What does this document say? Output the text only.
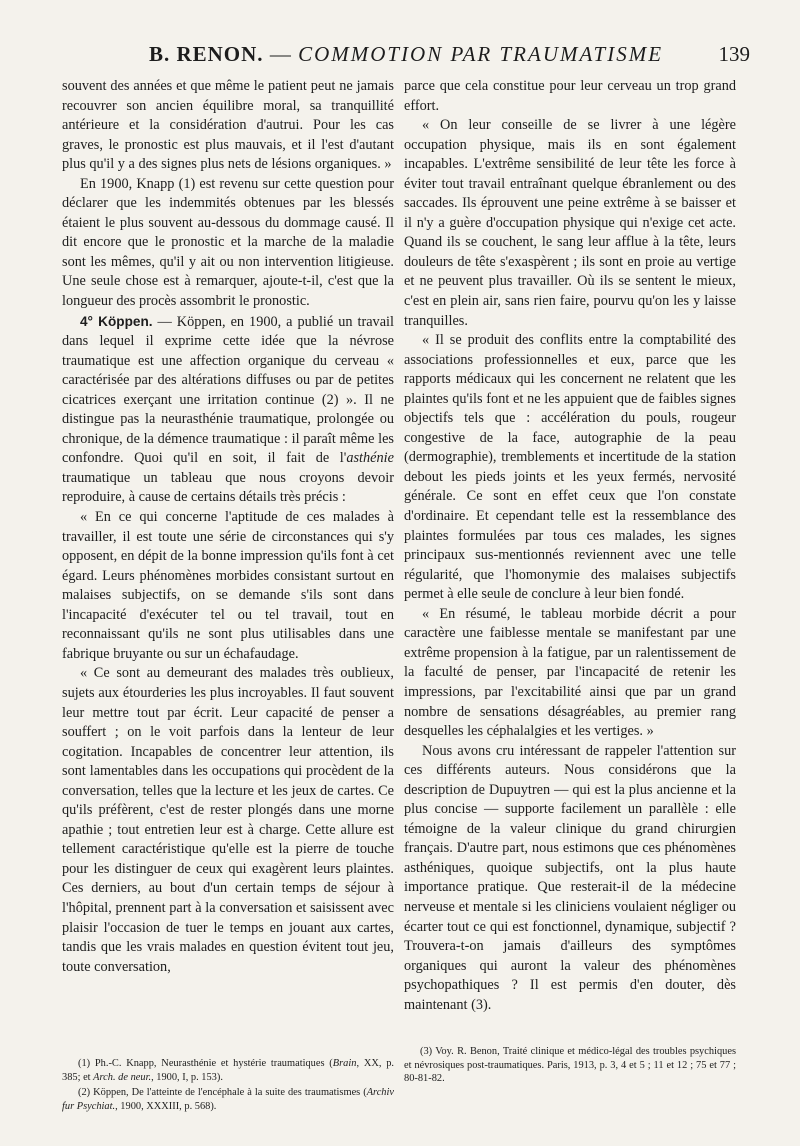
B. RENON. — COMMOTION PAR TRAUMATISME	139

souvent des années et que même le patient peut ne jamais recouvrer son ancien équilibre moral, sa tranquillité antérieure et la considération d'autrui. Pour les cas graves, le pronostic est plus mauvais, et il l'est d'autant plus qu'il y a des signes plus nets de lésions organiques. »

En 1900, Knapp (1) est revenu sur cette question pour déclarer que les indemmités obtenues par les blessés étaient le plus souvent au-dessous du dommage causé. Il dit encore que le pronostic et la marche de la maladie sont les mêmes, qu'il y ait ou non intervention litigieuse. Une seule chose est à remarquer, ajoute-t-il, c'est que la longueur des procès assombrit le pronostic.

4° Köppen. — Köppen, en 1900, a publié un travail dans lequel il exprime cette idée que la névrose traumatique est une affection organique du cerveau « caractérisée par des altérations diffuses ou par de petites cicatrices exerçant une irritation continue (2) ». Il ne distingue pas la neurasthénie traumatique, prolongée ou chronique, de la démence traumatique : il paraît même les confondre. Quoi qu'il en soit, il fait de l'asthénie traumatique un tableau que nous croyons devoir reproduire, à cause de certains détails très précis :

« En ce qui concerne l'aptitude de ces malades à travailler, il est toute une série de circonstances qui s'y opposent, en dépit de la bonne impression qu'ils font à cet égard. Leurs phénomènes morbides consistant surtout en malaises subjectifs, on se demande s'ils sont dans l'incapacité d'exécuter tel ou tel travail, tout en reconnaissant qu'ils ne sont plus utilisables dans une fabrique bruyante ou sur un échafaudage.

« Ce sont au demeurant des malades très oublieux, sujets aux étourderies les plus incroyables. Il faut souvent leur mettre tout par écrit. Leur capacité de penser a souffert ; on le voit parfois dans la lenteur de leur cogitation. Incapables de concentrer leur attention, ils sont lamentables dans les occupations qui procèdent de la conversation, telles que la lecture et les jeux de cartes. Ce qu'ils préfèrent, c'est de rester plongés dans une morne apathie ; tout entretien leur est à charge. Cette allure est tellement caractéristique qu'elle est la pierre de touche pour les distinguer de ceux qui exagèrent leurs plaintes. Ces derniers, au bout d'un certain temps de séjour à l'hôpital, prennent part à la conversation et saisissent avec plaisir l'occasion de tuer le temps en jouant aux cartes, tandis que les vrais malades en question évitent tout jeu, toute conversation,

(1) Ph.-C. Knapp, Neurasthénie et hystérie traumatiques (Brain, XX, p. 385; et Arch. de neur., 1900, I, p. 153).

(2) Köppen, De l'atteinte de l'encéphale à la suite des traumatismes (Archiv fur Psychiat., 1900, XXXIII, p. 568).

parce que cela constitue pour leur cerveau un trop grand effort.

« On leur conseille de se livrer à une légère occupation physique, mais ils en sont également incapables. L'extrême sensibilité de leur tête les force à éviter tout travail entraînant quelque ébranlement ou des saccades. Ils éprouvent une peine extrême à se baisser et il n'y a guère d'occupation physique qui n'exige cet acte. Quand ils se couchent, le sang leur afflue à la tête, leurs douleurs de tête s'exaspèrent ; ils sont en proie au vertige et ne peuvent plus travailler. Où ils se sentent le mieux, c'est en plein air, sans rien faire, pourvu qu'on les y laisse tranquilles.

« Il se produit des conflits entre la comptabilité des associations professionnelles et eux, parce que les rapports médicaux qui les concernent ne relatent que les plaintes qu'ils font et ne les appuient que de faibles signes objectifs tels que : accélération du pouls, rougeur congestive de la face, autographie de la peau (dermographie), tremblements et incertitude de la station debout les pieds joints et les yeux fermés, nervosité générale. Ce sont en effet ceux que l'on constate d'ordinaire. Et cependant telle est la ressemblance des plaintes formulées par tous ces malades, les signes principaux sus-mentionnés reviennent avec une telle régularité, que l'homonymie des malaises subjectifs permet à elle seule de conclure à leur bien fondé.

« En résumé, le tableau morbide décrit a pour caractère une faiblesse mentale se manifestant par une extrême propension à la fatigue, par un ralentissement de la faculté de penser, par l'incapacité de retenir les impressions, par l'excitabilité ainsi que par un grand nombre de sensations désagréables, au premier rang desquelles les céphalalgies et les vertiges. »

Nous avons cru intéressant de rappeler l'attention sur ces différents auteurs. Nous considérons que la description de Dupuytren — qui est la plus ancienne et la plus concise — supporte facilement un parallèle : elle témoigne de la valeur clinique du grand chirurgien français. D'autre part, nous estimons que ces phénomènes asthéniques, quoique subjectifs, ont la plus haute importance pratique. Que resterait-il de la médecine nerveuse et mentale si les cliniciens voulaient négliger ou écarter tout ce qui est fonctionnel, dynamique, subjectif ? Trouvera-t-on jamais d'ailleurs des symptômes organiques qui auront la valeur des phénomènes psychopathiques ? Il est permis d'en douter, dès maintenant (3).

(3) Voy. R. Benon, Traité clinique et médico-légal des troubles psychiques et névrosiques post-traumatiques. Paris, 1913, p. 3, 4 et 5 ; 11 et 12 ; 75 et 77 ; 80-81-82.
